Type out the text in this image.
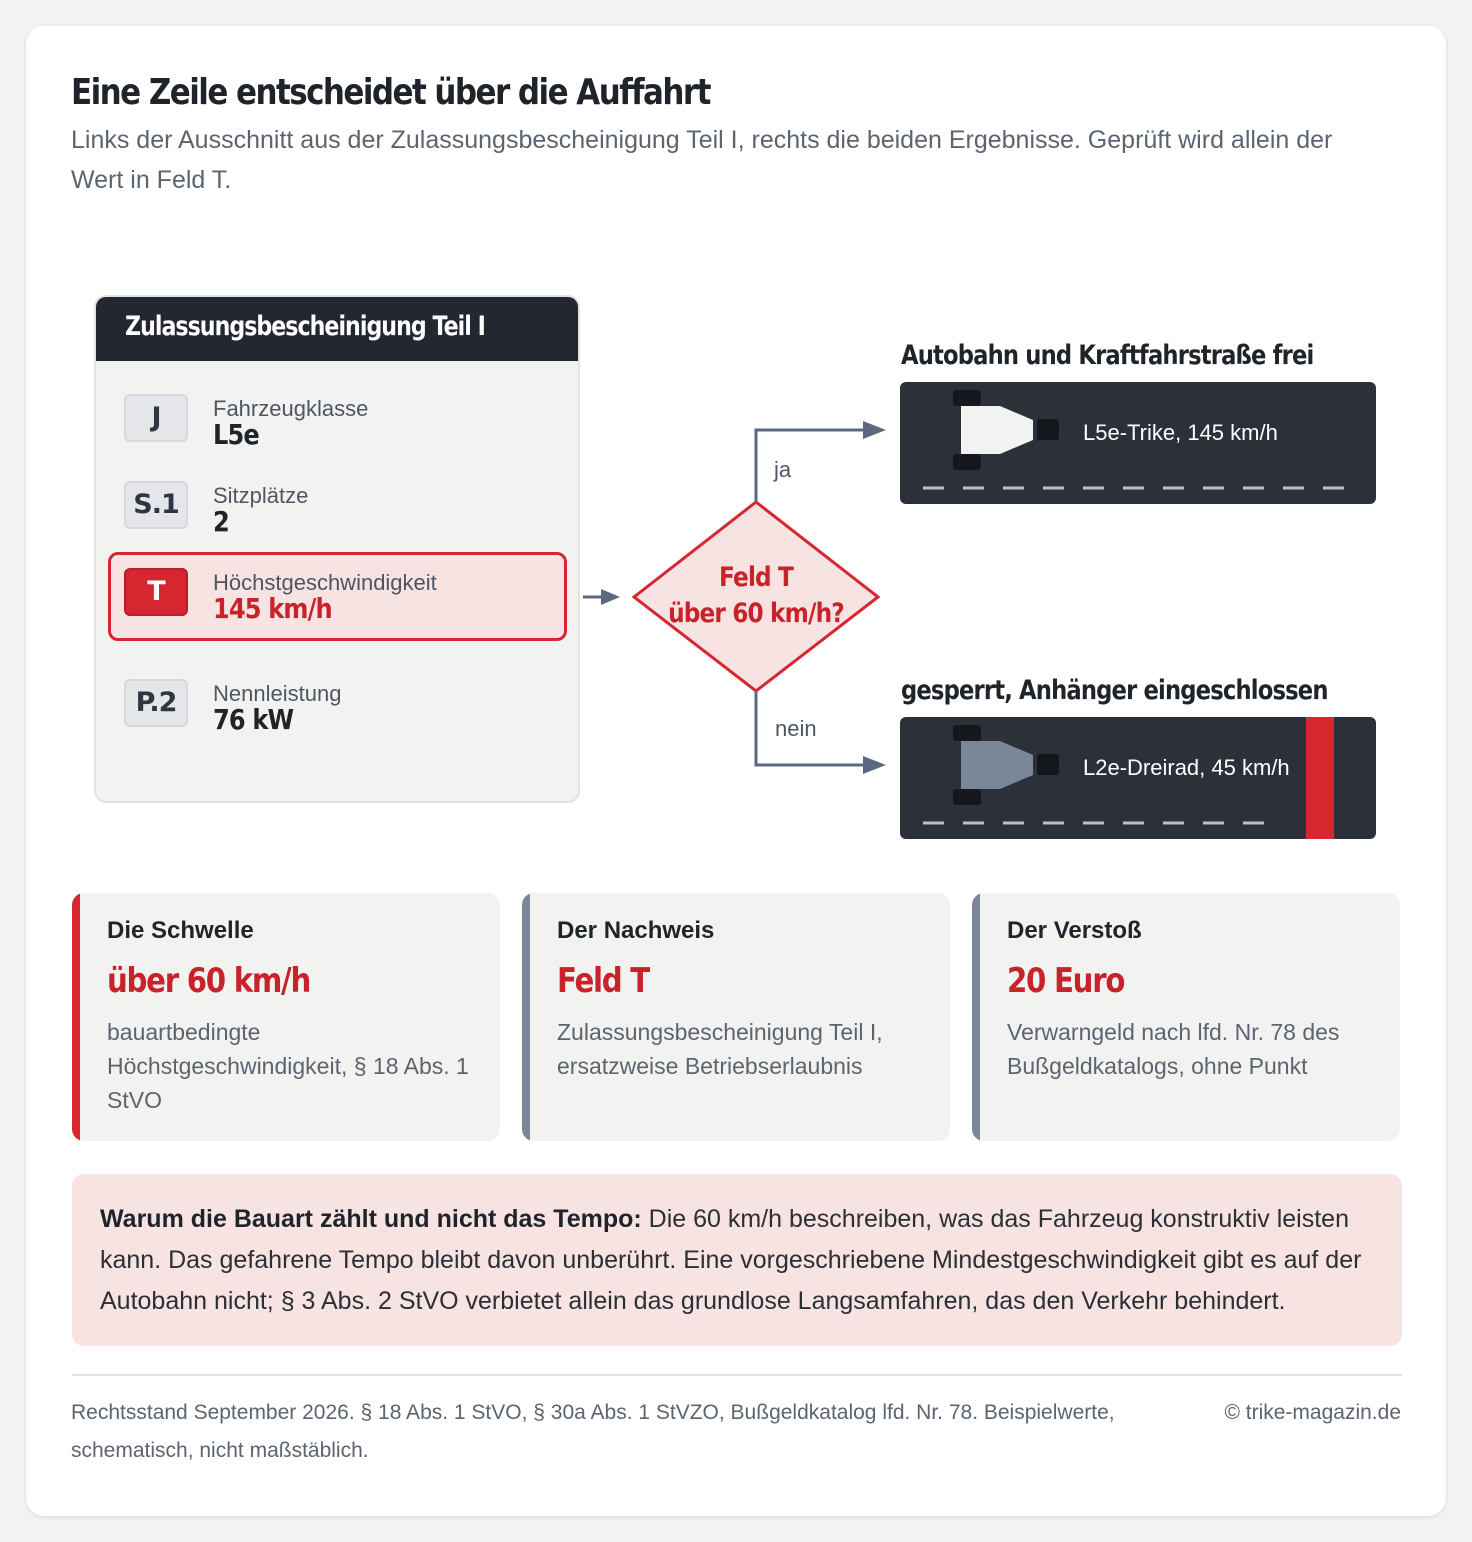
Eine Zeile entscheidet über die Auffahrt
Links der Ausschnitt aus der Zulassungsbescheinigung Teil I, rechts die beiden Ergebnisse. Geprüft wird allein der Wert in Feld T.
Zulassungsbescheinigung Teil I
J	Fahrzeugklasse
L5e
S.1	Sitzplätze
2
T	Höchstgeschwindigkeit
145 km/h
P.2	Nennleistung
76 kW
Feld T
über 60 km/h?
ja
nein
Autobahn und Kraftfahrstraße frei
L5e-Trike, 145 km/h
gesperrt, Anhänger eingeschlossen
L2e-Dreirad, 45 km/h
Die Schwelle
über 60 km/h
bauartbedingte Höchstgeschwindigkeit, § 18 Abs. 1 StVO
Der Nachweis
Feld T
Zulassungsbescheinigung Teil I, ersatzweise Betriebserlaubnis
Der Verstoß
20 Euro
Verwarngeld nach lfd. Nr. 78 des Bußgeldkatalogs, ohne Punkt
Warum die Bauart zählt und nicht das Tempo: Die 60 km/h beschreiben, was das Fahrzeug konstruktiv leisten kann. Das gefahrene Tempo bleibt davon unberührt. Eine vorgeschriebene Mindestgeschwindigkeit gibt es auf der Autobahn nicht; § 3 Abs. 2 StVO verbietet allein das grundlose Langsamfahren, das den Verkehr behindert.
Rechtsstand September 2026. § 18 Abs. 1 StVO, § 30a Abs. 1 StVZO, Bußgeldkatalog lfd. Nr. 78. Beispielwerte, schematisch, nicht maßstäblich.
© trike-magazin.de
